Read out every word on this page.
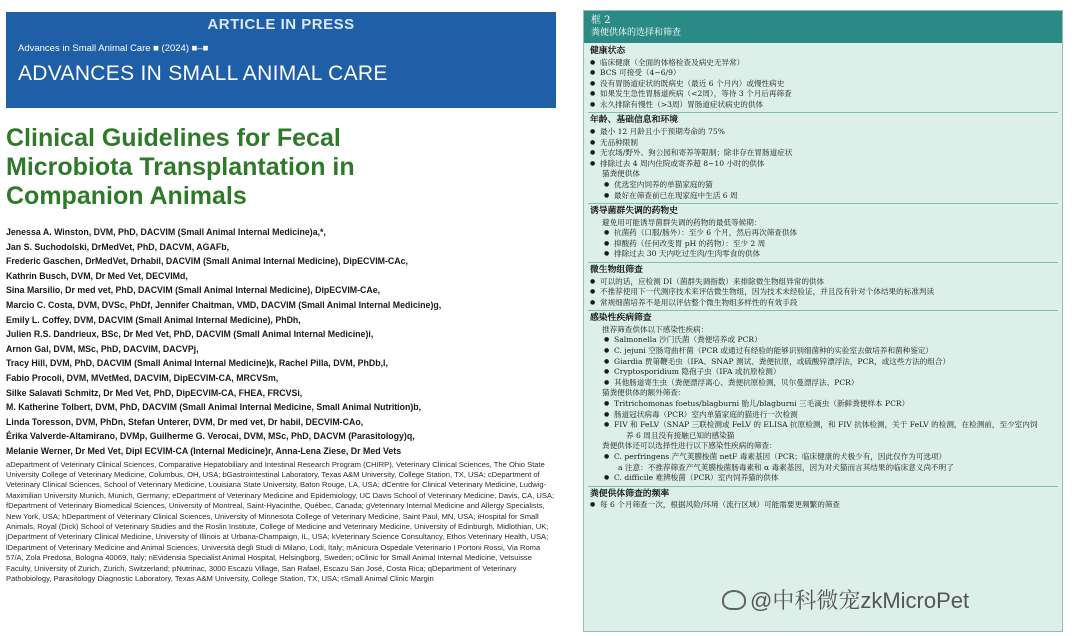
ARTICLE IN PRESS
Advances in Small Animal Care ■ (2024) ■–■
ADVANCES IN SMALL ANIMAL CARE
Clinical Guidelines for Fecal
Microbiota Transplantation in
Companion Animals
Jenessa A. Winston, DVM, PhD, DACVIM (Small Animal Internal Medicine)a,*,
Jan S. Suchodolski, DrMedVet, PhD, DACVM, AGAFb,
Frederic Gaschen, DrMedVet, Drhabil, DACVIM (Small Animal Internal Medicine), DipECVIM-CAc,
Kathrin Busch, DVM, Dr Med Vet, DECVIMd,
Sina Marsilio, Dr med vet, PhD, DACVIM (Small Animal Internal Medicine), DipECVIM-CAe,
Marcio C. Costa, DVM, DVSc, PhDf, Jennifer Chaitman, VMD, DACVIM (Small Animal Internal Medicine)g,
Emily L. Coffey, DVM, DACVIM (Small Animal Internal Medicine), PhDh,
Julien R.S. Dandrieux, BSc, Dr Med Vet, PhD, DACVIM (Small Animal Internal Medicine)i,
Arnon Gal, DVM, MSc, PhD, DACVIM, DACVPj,
Tracy Hill, DVM, PhD, DACVIM (Small Animal Internal Medicine)k, Rachel Pilla, DVM, PhDb,l,
Fabio Procoli, DVM, MVetMed, DACVIM, DipECVIM-CA, MRCVSm,
Silke Salavati Schmitz, Dr Med Vet, PhD, DipECVIM-CA, FHEA, FRCVSi,
M. Katherine Tolbert, DVM, PhD, DACVIM (Small Animal Internal Medicine, Small Animal Nutrition)b,
Linda Toresson, DVM, PhDn, Stefan Unterer, DVM, Dr med vet, Dr habil, DECVIM-CAo,
Érika Valverde-Altamirano, DVMp, Guilherme G. Verocai, DVM, MSc, PhD, DACVM (Parasitology)q,
Melanie Werner, Dr Med Vet, Dipl ECVIM-CA (Internal Medicine)r, Anna-Lena Ziese, Dr Med Vets
aDepartment of Veterinary Clinical Sciences, Comparative Hepatobiliary and Intestinal Research Program (CHIRP), Veterinary Clinical Sciences, The Ohio State University College of Veterinary Medicine, Columbus, OH, USA; bGastrointestinal Laboratory, Texas A&M University, College Station, TX, USA; cDepartment of Veterinary Clinical Sciences, School of Veterinary Medicine, Louisiana State University, Baton Rouge, LA, USA; dCentre for Clinical Veterinary Medicine, Ludwig-Maximilian University Munich, Munich, Germany; eDepartment of Veterinary Medicine and Epidemiology, UC Davis School of Veterinary Medicine, Davis, CA, USA; fDepartment of Veterinary Biomedical Sciences, University of Montreal, Saint-Hyacinthe, Québec, Canada; gVeterinary Internal Medicine and Allergy Specialists, New York, USA; hDepartment of Veterinary Clinical Sciences, University of Minnesota College of Veterinary Medicine, Saint Paul, MN, USA; iHospital for Small Animals, Royal (Dick) School of Veterinary Studies and the Roslin Institute, College of Medicine and Veterinary Medicine, University of Edinburgh, Midlothian, UK; jDepartment of Veterinary Clinical Medicine, University of Illinois at Urbana-Champaign, IL, USA; kVeterinary Science Consultancy, Ethos Veterinary Health, USA; lDepartment of Veterinary Medicine and Animal Sciences, Università degli Studi di Milano, Lodi, Italy; mAnicura Ospedale Veterinario I Portoni Rossi, Via Roma 57/A, Zola Predosa, Bologna 40069, Italy; nEvidensia Specialist Animal Hospital, Helsingborg, Sweden; oClinic for Small Animal Internal Medicine, Vetsuisse Faculty, University of Zurich, Zurich, Switzerland; pNutrinac, 3000 Escazu Village, San Rafael, Escazu San José, Costa Rica; qDepartment of Veterinary Pathobiology, Parasitology Diagnostic Laboratory, Texas A&M University, College Station, TX, USA; rSmall Animal Clinic Margin
框 2
粪便供体的选择和筛查
健康状态
● 临床健康（全面的体格检查及病史无异常）
● BCS 可接受（4~6/9）
● 没有胃肠道症状的既病史（最近 6 个月内）或慢性病史
● 如果发生急性胃肠道疾病（<2周），等待 3 个月后再筛查
● 永久排除有慢性（>3周）胃肠道症状病史的供体
年龄、基础信息和环境
● 最小 12 月龄且小于预期寿命的 75%
● 无品种限制
● 无农场/野外、狗公园和寄养等限制；除非存在胃肠道症状
● 排除过去 4 周内住院或寄养超 8~10 小时的供体
猫粪便供体
● 优选室内饲养的单猫家庭的猫
● 最好在筛查前已在现家庭中生活 6 周
诱导菌群失调的药物史
避免用可能诱导菌群失调的药物的最低等候期：
● 抗菌药（口服/肠外）：至少 6 个月，然后再次筛查供体
● 抑酸药（任何改变胃 pH 的药物）：至少 2 周
● 排除过去 30 天内吃过生肉/生肉零食的供体
微生物组筛查
● 可以的话，应检测 DI（菌群失调指数）来排除微生物组异常的供体
● 不推荐使用下一代测序技术来评估微生物组，因为技术未经验证，并且没有针对个体结果的标准判读
● 常规细菌培养不是用以评估整个微生物组多样性的有效手段
感染性疾病筛查
推荐筛查供体以下感染性疾病：
● Salmonella 沙门氏菌（粪便培养或 PCR）
● C. jejuni 空肠弯曲杆菌（PCR 或通过有经验的能够识别细菌种的实验室去做培养和菌种鉴定）
● Giardia 贾第鞭毛虫（IFA、SNAP 测试、粪便抗原，或硫酸锌漂浮法，PCR，或这些方法的组合）
● Cryptosporidium 隐孢子虫（IFA 或抗原检测）
● 其他肠道寄生虫（粪便漂浮离心、粪便抗原检测，贝尔曼漂浮法、PCR）
猫粪便供体的额外筛查：
● Tritrichomonas foetus/blagburni 胎儿/blagburni 三毛滴虫（新鲜粪便样本 PCR）
● 肠道冠状病毒（PCR）室内单猫家庭的猫进行一次检测
● FIV 和 FeLV（SNAP 三联检测或 FeLV 的 ELISA 抗原检测，和 FIV 抗体检测，关于 FeLV 的检测，在检测前，至少室内饲
养 6 周且没有接触已知的感染猫
粪便供体还可以选择性进行以下感染性疾病的筛查：
● C. perfringens 产气荚膜梭菌 netF 毒素基因（PCR；临床健康的犬极少有，因此仅作为可选项）
a 注意：不推荐筛查产气荚膜梭菌肠毒素和 α 毒素基因，因为对犬猫而言其结果的临床意义尚不明了
● C. difficile 难辨梭菌（PCR）室内饲养猫的供体
粪便供体筛查的频率
● 每 6 个月筛查一次，根据风险/环境（流行区域）可能需要更频繁的筛查
@中科微宠zkMicroPet
